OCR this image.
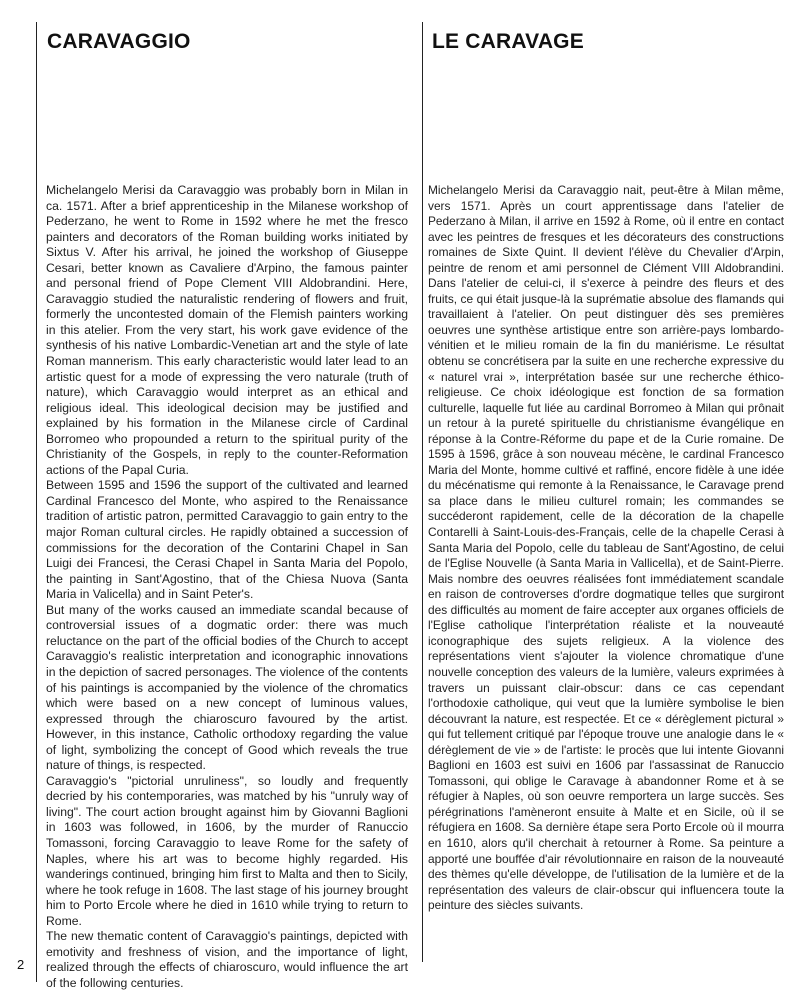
CARAVAGGIO	LE CARAVAGE

Michelangelo Merisi da Caravaggio was probably born in Milan in ca. 1571. After a brief apprenticeship in the Milanese workshop of Pederzano, he went to Rome in 1592 where he met the fresco painters and decorators of the Roman building works initiated by Sixtus V. After his arrival, he joined the workshop of Giuseppe Cesari, better known as Cavaliere d'Arpino, the famous painter and personal friend of Pope Clement VIII Aldobrandini. Here, Caravaggio studied the naturalistic rendering of flowers and fruit, formerly the uncontested domain of the Flemish painters working in this atelier. From the very start, his work gave evidence of the synthesis of his native Lombardic-Venetian art and the style of late Roman mannerism. This early characteristic would later lead to an artistic quest for a mode of expressing the vero naturale (truth of nature), which Caravaggio would interpret as an ethical and religious ideal. This ideological decision may be justified and explained by his formation in the Milanese circle of Cardinal Borromeo who propounded a return to the spiritual purity of the Christianity of the Gospels, in reply to the counter-Reformation actions of the Papal Curia.

Between 1595 and 1596 the support of the cultivated and learned Cardinal Francesco del Monte, who aspired to the Renaissance tradition of artistic patron, permitted Caravaggio to gain entry to the major Roman cultural circles. He rapidly obtained a succession of commissions for the decoration of the Contarini Chapel in San Luigi dei Francesi, the Cerasi Chapel in Santa Maria del Popolo, the painting in Sant'Agostino, that of the Chiesa Nuova (Santa Maria in Valicella) and in Saint Peter's.

But many of the works caused an immediate scandal because of controversial issues of a dogmatic order: there was much reluctance on the part of the official bodies of the Church to accept Caravaggio's realistic interpretation and iconographic innovations in the depiction of sacred personages. The violence of the contents of his paintings is accompanied by the violence of the chromatics which were based on a new concept of luminous values, expressed through the chiaroscuro favoured by the artist. However, in this instance, Catholic orthodoxy regarding the value of light, symbolizing the concept of Good which reveals the true nature of things, is respected.

Caravaggio's "pictorial unruliness", so loudly and frequently decried by his contemporaries, was matched by his "unruly way of living". The court action brought against him by Giovanni Baglioni in 1603 was followed, in 1606, by the murder of Ranuccio Tomassoni, forcing Caravaggio to leave Rome for the safety of Naples, where his art was to become highly regarded. His wanderings continued, bringing him first to Malta and then to Sicily, where he took refuge in 1608. The last stage of his journey brought him to Porto Ercole where he died in 1610 while trying to return to Rome.

The new thematic content of Caravaggio's paintings, depicted with emotivity and freshness of vision, and the importance of light, realized through the effects of chiaroscuro, would influence the art of the following centuries.

Michelangelo Merisi da Caravaggio nait, peut-être à Milan même, vers 1571. Après un court apprentissage dans l'atelier de Pederzano à Milan, il arrive en 1592 à Rome, où il entre en contact avec les peintres de fresques et les décorateurs des constructions romaines de Sixte Quint. Il devient l'élève du Chevalier d'Arpin, peintre de renom et ami personnel de Clément VIII Aldobrandini. Dans l'atelier de celui-ci, il s'exerce à peindre des fleurs et des fruits, ce qui était jusque-là la suprématie absolue des flamands qui travaillaient à l'atelier. On peut distinguer dès ses premières oeuvres une synthèse artistique entre son arrière-pays lombardo-vénitien et le milieu romain de la fin du maniérisme. Le résultat obtenu se concrétisera par la suite en une recherche expressive du « naturel vrai », interprétation basée sur une recherche éthico-religieuse. Ce choix idéologique est fonction de sa formation culturelle, laquelle fut liée au cardinal Borromeo à Milan qui prônait un retour à la pureté spirituelle du christianisme évangélique en réponse à la Contre-Réforme du pape et de la Curie romaine. De 1595 à 1596, grâce à son nouveau mécène, le cardinal Francesco Maria del Monte, homme cultivé et raffiné, encore fidèle à une idée du mécénatisme qui remonte à la Renaissance, le Caravage prend sa place dans le milieu culturel romain; les commandes se succéderont rapidement, celle de la décoration de la chapelle Contarelli à Saint-Louis-des-Français, celle de la chapelle Cerasi à Santa Maria del Popolo, celle du tableau de Sant'Agostino, de celui de l'Eglise Nouvelle (à Santa Maria in Vallicella), et de Saint-Pierre. Mais nombre des oeuvres réalisées font immédiatement scandale en raison de controverses d'ordre dogmatique telles que surgiront des difficultés au moment de faire accepter aux organes officiels de l'Eglise catholique l'interprétation réaliste et la nouveauté iconographique des sujets religieux. A la violence des représentations vient s'ajouter la violence chromatique d'une nouvelle conception des valeurs de la lumière, valeurs exprimées à travers un puissant clair-obscur: dans ce cas cependant l'orthodoxie catholique, qui veut que la lumière symbolise le bien découvrant la nature, est respectée. Et ce « dérèglement pictural » qui fut tellement critiqué par l'époque trouve une analogie dans le « dérèglement de vie » de l'artiste: le procès que lui intente Giovanni Baglioni en 1603 est suivi en 1606 par l'assassinat de Ranuccio Tomassoni, qui oblige le Caravage à abandonner Rome et à se réfugier à Naples, où son oeuvre remportera un large succès. Ses pérégrinations l'amèneront ensuite à Malte et en Sicile, où il se réfugiera en 1608. Sa dernière étape sera Porto Ercole où il mourra en 1610, alors qu'il cherchait à retourner à Rome. Sa peinture a apporté une bouffée d'air révolutionnaire en raison de la nouveauté des thèmes qu'elle développe, de l'utilisation de la lumière et de la représentation des valeurs de clair-obscur qui influencera toute la peinture des siècles suivants.

2
